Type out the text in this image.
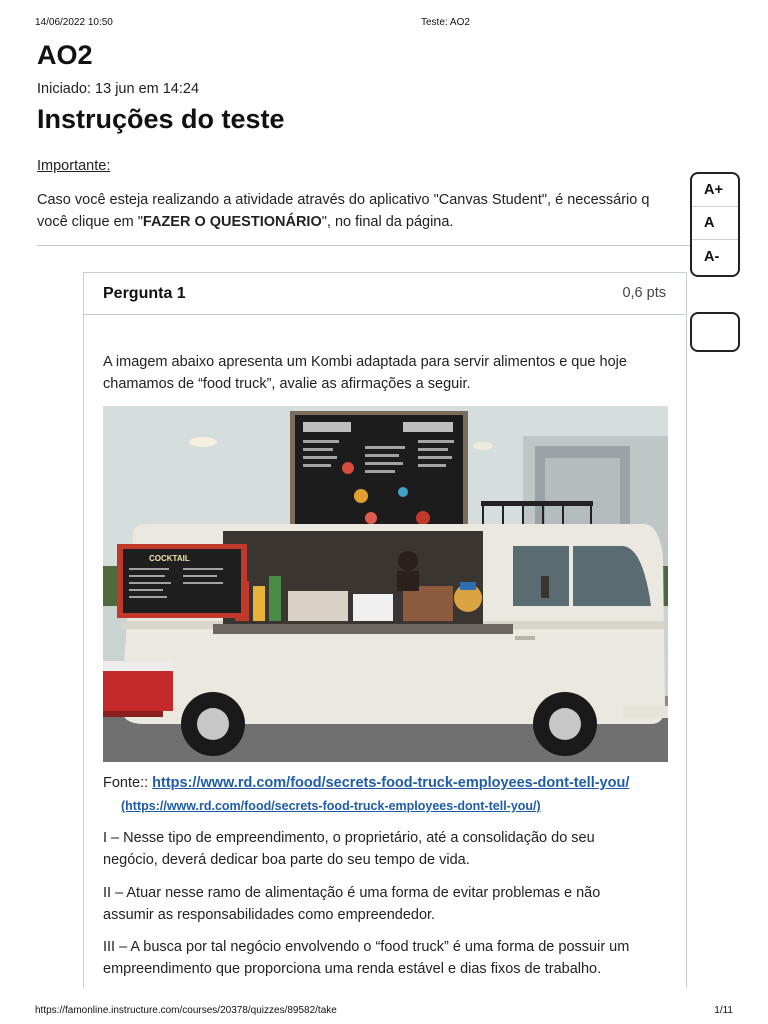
14/06/2022 10:50	Teste: AO2
AO2
Iniciado: 13 jun em 14:24
Instruções do teste
Importante:
Caso você esteja realizando a atividade através do aplicativo "Canvas Student", é necessário q
você clique em "FAZER O QUESTIONÁRIO", no final da página.
A+
A
A-
Pergunta 1	0,6 pts
A imagem abaixo apresenta um Kombi adaptada para servir alimentos e que hoje
chamamos de “food truck”, avalie as afirmações a seguir.
COCKTAIL
Fonte:: https://www.rd.com/food/secrets-food-truck-employees-dont-tell-you/
(https://www.rd.com/food/secrets-food-truck-employees-dont-tell-you/)
I – Nesse tipo de empreendimento, o proprietário, até a consolidação do seu
negócio, deverá dedicar boa parte do seu tempo de vida.
II – Atuar nesse ramo de alimentação é uma forma de evitar problemas e não
assumir as responsabilidades como empreendedor.
III – A busca por tal negócio envolvendo o “food truck” é uma forma de possuir um
empreendimento que proporciona uma renda estável e dias fixos de trabalho.
https://famonline.instructure.com/courses/20378/quizzes/89582/take	1/11
